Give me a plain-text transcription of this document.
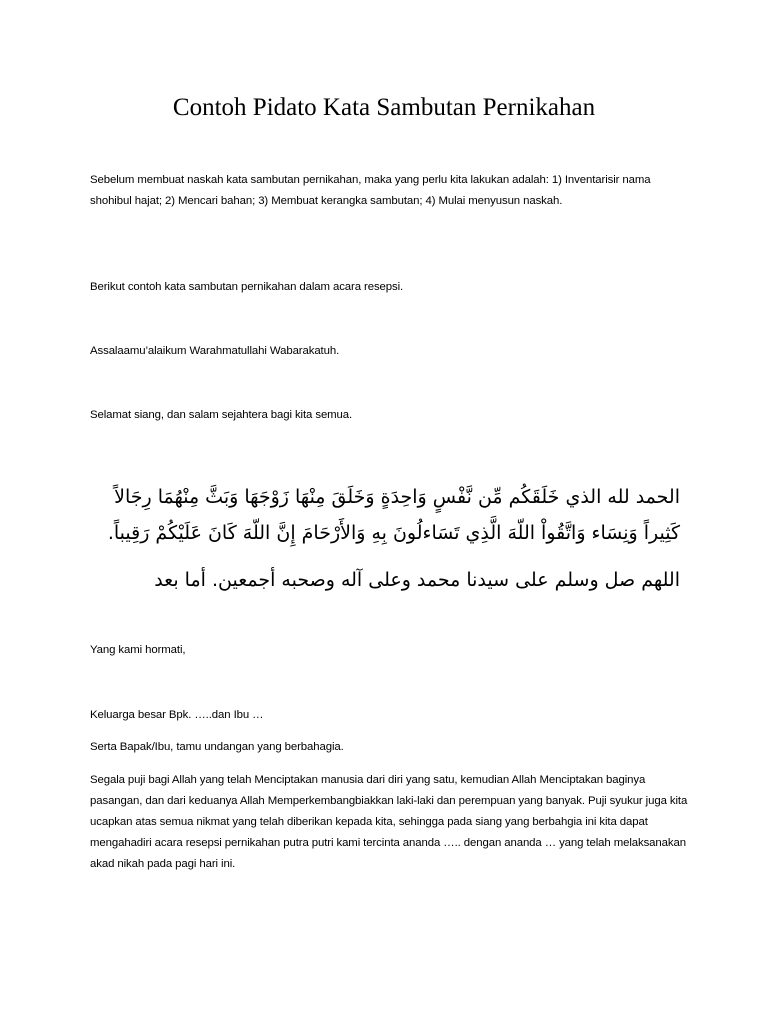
Contoh Pidato Kata Sambutan Pernikahan

Sebelum membuat naskah kata sambutan pernikahan, maka yang perlu kita lakukan adalah: 1) Inventarisir nama shohibul hajat; 2) Mencari bahan; 3) Membuat kerangka sambutan; 4) Mulai menyusun naskah.

Berikut contoh kata sambutan pernikahan dalam acara resepsi.

Assalaamu’alaikum Warahmatullahi Wabarakatuh.

Selamat siang, dan salam sejahtera bagi kita semua.

الحمد لله الذي خَلَقَكُم مِّن نَّفْسٍ وَاحِدَةٍ وَخَلَقَ مِنْهَا زَوْجَهَا وَبَثَّ مِنْهُمَا رِجَالاً كَثِيراً وَنِسَاء وَاتَّقُواْ اللّهَ الَّذِي تَسَاءلُونَ بِهِ وَالأَرْحَامَ إِنَّ اللّهَ كَانَ عَلَيْكُمْ رَقِيباً.

اللهم صل وسلم على سيدنا محمد وعلى آله وصحبه أجمعين. أما بعد

Yang kami hormati,

Keluarga besar Bpk. …..dan Ibu …

Serta Bapak/Ibu, tamu undangan yang berbahagia.

Segala puji bagi Allah yang telah Menciptakan manusia dari diri yang satu, kemudian Allah Menciptakan baginya pasangan, dan dari keduanya Allah Memperkembangbiakkan laki-laki dan perempuan yang banyak. Puji syukur juga kita ucapkan atas semua nikmat yang telah diberikan kepada kita, sehingga pada siang yang berbahgia ini kita dapat mengahadiri acara resepsi pernikahan putra putri kami tercinta ananda ….. dengan ananda … yang telah melaksanakan akad nikah pada pagi hari ini.
